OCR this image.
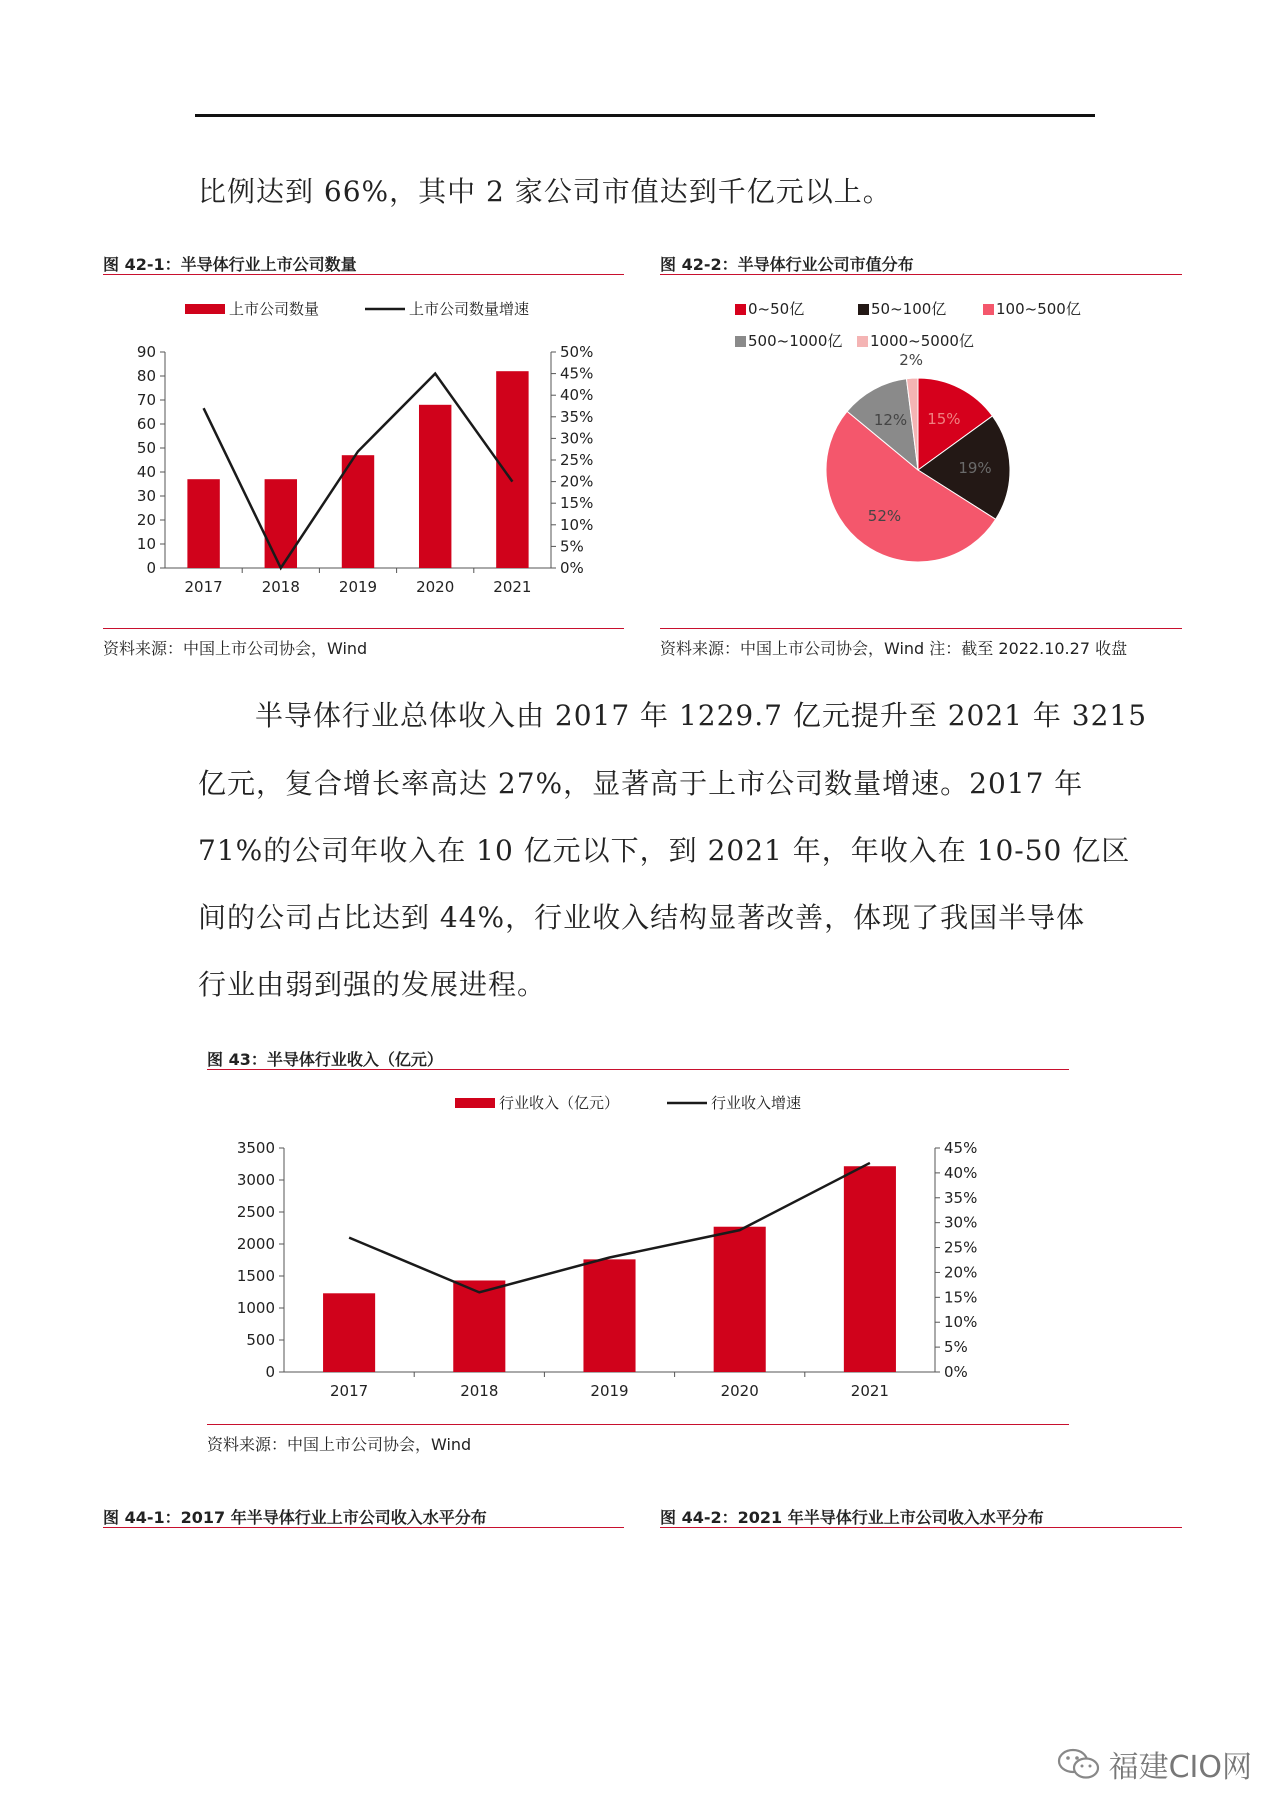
比例达到 66%，其中 2 家公司市值达到千亿元以上。
图 42-1：半导体行业上市公司数量
上市公司数量	上市公司数量增速
0
10
20
30
40
50
60
70
80
90
0%
5%
10%
15%
20%
25%
30%
35%
40%
45%
50%
2017	2018	2019	2020	2021
资料来源：中国上市公司协会，Wind
图 42-2：半导体行业公司市值分布
0~50亿	50~100亿	100~500亿
500~1000亿 1000~5000亿
15%
19%
52%
12%
2%
资料来源：中国上市公司协会，Wind 注：截至 2022.10.27 收盘
半导体行业总体收入由 2017 年 1229.7 亿元提升至 2021 年 3215
亿元，复合增长率高达 27%，显著高于上市公司数量增速。2017 年
71%的公司年收入在 10 亿元以下，到 2021 年，年收入在 10-50 亿区
间的公司占比达到 44%，行业收入结构显著改善，体现了我国半导体
行业由弱到强的发展进程。
图 43：半导体行业收入（亿元）
行业收入（亿元）	行业收入增速
0
500
1000
1500
2000
2500
3000
3500
0%
5%
10%
15%
20%
25%
30%
35%
40%
45%
2017	2018	2019	2020	2021
资料来源：中国上市公司协会，Wind
图 44-1：2017 年半导体行业上市公司收入水平分布	图 44-2：2021 年半导体行业上市公司收入水平分布
福建CIO网
